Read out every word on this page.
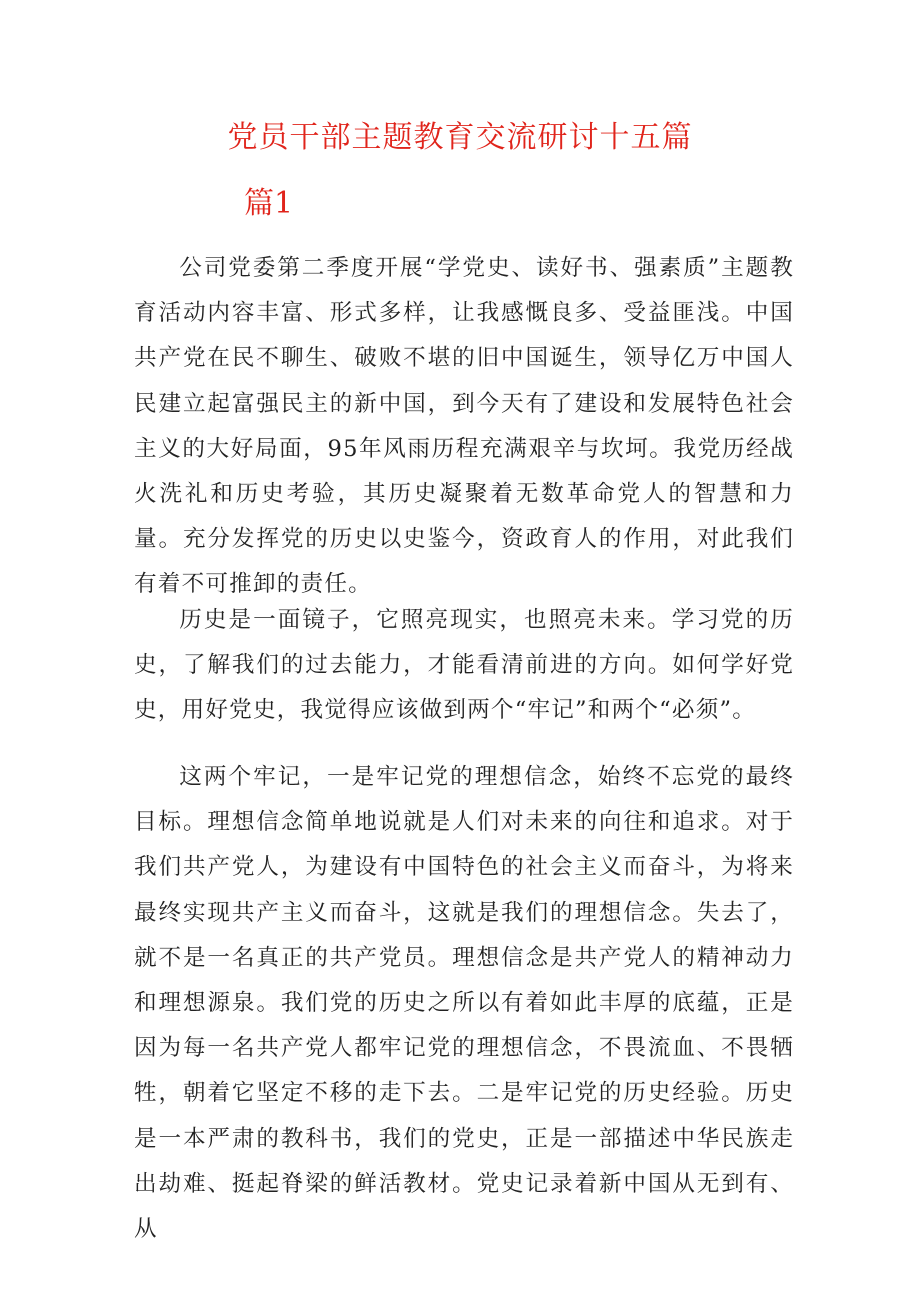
党员干部主题教育交流研讨十五篇
篇1

公司党委第二季度开展“学党史、读好书、强素质”主题教育活动内容丰富、形式多样，让我感慨良多、受益匪浅。中国共产党在民不聊生、破败不堪的旧中国诞生，领导亿万中国人民建立起富强民主的新中国，到今天有了建设和发展特色社会主义的大好局面，95年风雨历程充满艰辛与坎坷。我党历经战火洗礼和历史考验，其历史凝聚着无数革命党人的智慧和力量。充分发挥党的历史以史鉴今，资政育人的作用，对此我们有着不可推卸的责任。

历史是一面镜子，它照亮现实，也照亮未来。学习党的历史，了解我们的过去能力，才能看清前进的方向。如何学好党史，用好党史，我觉得应该做到两个“牢记”和两个“必须”。

这两个牢记，一是牢记党的理想信念，始终不忘党的最终目标。理想信念简单地说就是人们对未来的向往和追求。对于我们共产党人，为建设有中国特色的社会主义而奋斗，为将来最终实现共产主义而奋斗，这就是我们的理想信念。失去了，就不是一名真正的共产党员。理想信念是共产党人的精神动力和理想源泉。我们党的历史之所以有着如此丰厚的底蕴，正是因为每一名共产党人都牢记党的理想信念，不畏流血、不畏牺牲，朝着它坚定不移的走下去。二是牢记党的历史经验。历史是一本严肃的教科书，我们的党史，正是一部描述中华民族走出劫难、挺起脊梁的鲜活教材。党史记录着新中国从无到有、从
